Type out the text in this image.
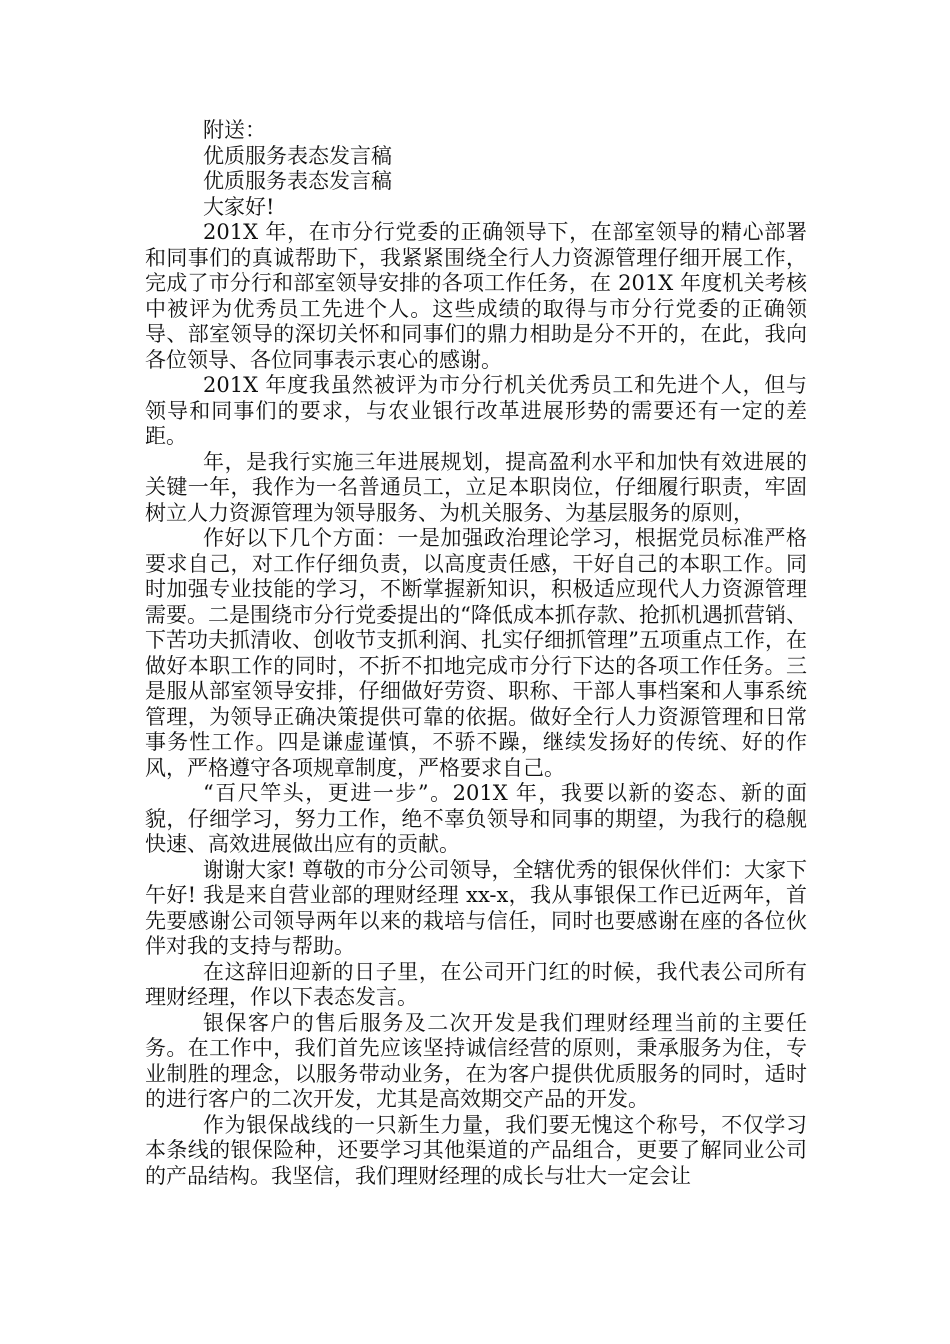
附送：

优质服务表态发言稿

优质服务表态发言稿

大家好!

201X 年，在市分行党委的正确领导下，在部室领导的精心部署和同事们的真诚帮助下，我紧紧围绕全行人力资源管理仔细开展工作，完成了市分行和部室领导安排的各项工作任务，在 201X 年度机关考核中被评为优秀员工先进个人。这些成绩的取得与市分行党委的正确领导、部室领导的深切关怀和同事们的鼎力相助是分不开的，在此，我向各位领导、各位同事表示衷心的感谢。

201X 年度我虽然被评为市分行机关优秀员工和先进个人，但与领导和同事们的要求，与农业银行改革进展形势的需要还有一定的差距。

年，是我行实施三年进展规划，提高盈利水平和加快有效进展的关键一年，我作为一名普通员工，立足本职岗位，仔细履行职责，牢固树立人力资源管理为领导服务、为机关服务、为基层服务的原则，

作好以下几个方面：一是加强政治理论学习，根据党员标准严格要求自己，对工作仔细负责，以高度责任感，干好自己的本职工作。同时加强专业技能的学习，不断掌握新知识，积极适应现代人力资源管理需要。二是围绕市分行党委提出的“降低成本抓存款、抢抓机遇抓营销、下苦功夫抓清收、创收节支抓利润、扎实仔细抓管理”五项重点工作，在做好本职工作的同时，不折不扣地完成市分行下达的各项工作任务。三是服从部室领导安排，仔细做好劳资、职称、干部人事档案和人事系统管理，为领导正确决策提供可靠的依据。做好全行人力资源管理和日常事务性工作。四是谦虚谨慎，不骄不躁，继续发扬好的传统、好的作风，严格遵守各项规章制度，严格要求自己。

“百尺竿头，更进一步”。201X 年，我要以新的姿态、新的面貌，仔细学习，努力工作，绝不辜负领导和同事的期望，为我行的稳舰快速、高效进展做出应有的贡献。

谢谢大家! 尊敬的市分公司领导，全辖优秀的银保伙伴们：大家下午好! 我是来自营业部的理财经理 xx-x，我从事银保工作已近两年，首先要感谢公司领导两年以来的栽培与信任，同时也要感谢在座的各位伙伴对我的支持与帮助。

在这辞旧迎新的日子里，在公司开门红的时候，我代表公司所有理财经理，作以下表态发言。

银保客户的售后服务及二次开发是我们理财经理当前的主要任务。在工作中，我们首先应该坚持诚信经营的原则，秉承服务为住，专业制胜的理念，以服务带动业务，在为客户提供优质服务的同时，适时的进行客户的二次开发，尤其是高效期交产品的开发。

作为银保战线的一只新生力量，我们要无愧这个称号，不仅学习本条线的银保险种，还要学习其他渠道的产品组合，更要了解同业公司的产品结构。我坚信，我们理财经理的成长与壮大一定会让
